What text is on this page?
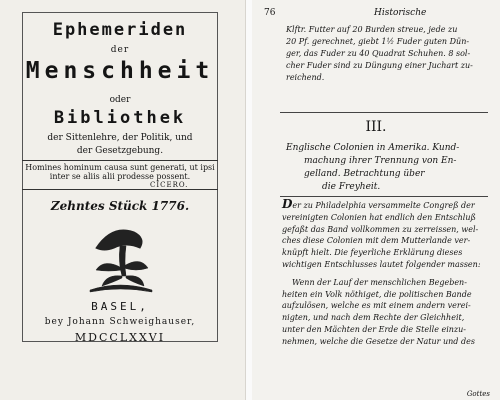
Ephemeriden

der

Menschheit

oder

Bibliothek

der Sittenlehre, der Politik, und

der Gesetzgebung.

Homines hominum causa sunt generati, ut ipsi
inter se aliis alii prodesse possent.

CICERO.

Zehntes Stück 1776.

BASEL,

bey Johann Schweighauser,

MDCCLXXVI

76	Historische

Klftr. Futter auf 20 Burden streue, jede zu
20 Pf. gerechnet, giebt 1½ Fuder guten Dün-
ger, das Fuder zu 40 Quadrat Schuhen. 8 sol-
cher Fuder sind zu Düngung einer Juchart zu-
reichend.

III.

Englische Colonien in Amerika. Kund-
machung ihrer Trennung von En-
gelland. Betrachtung über
die Freyheit.
Der zu Philadelphia versammelte Congreß der
vereinigten Colonien hat endlich den Entschluß
gefaßt das Band vollkommen zu zerreissen, wel-
ches diese Colonien mit dem Mutterlande ver-
knüpft hielt. Die feyerliche Erklärung dieses
wichtigen Entschlusses lautet folgender massen:
Wenn der Lauf der menschlichen Begeben-
heiten ein Volk nöthiget, die politischen Bande
aufzulösen, welche es mit einem andern verei-
nigten, und nach dem Rechte der Gleichheit,
unter den Mächten der Erde die Stelle einzu-
nehmen, welche die Gesetze der Natur und des

Gottes
